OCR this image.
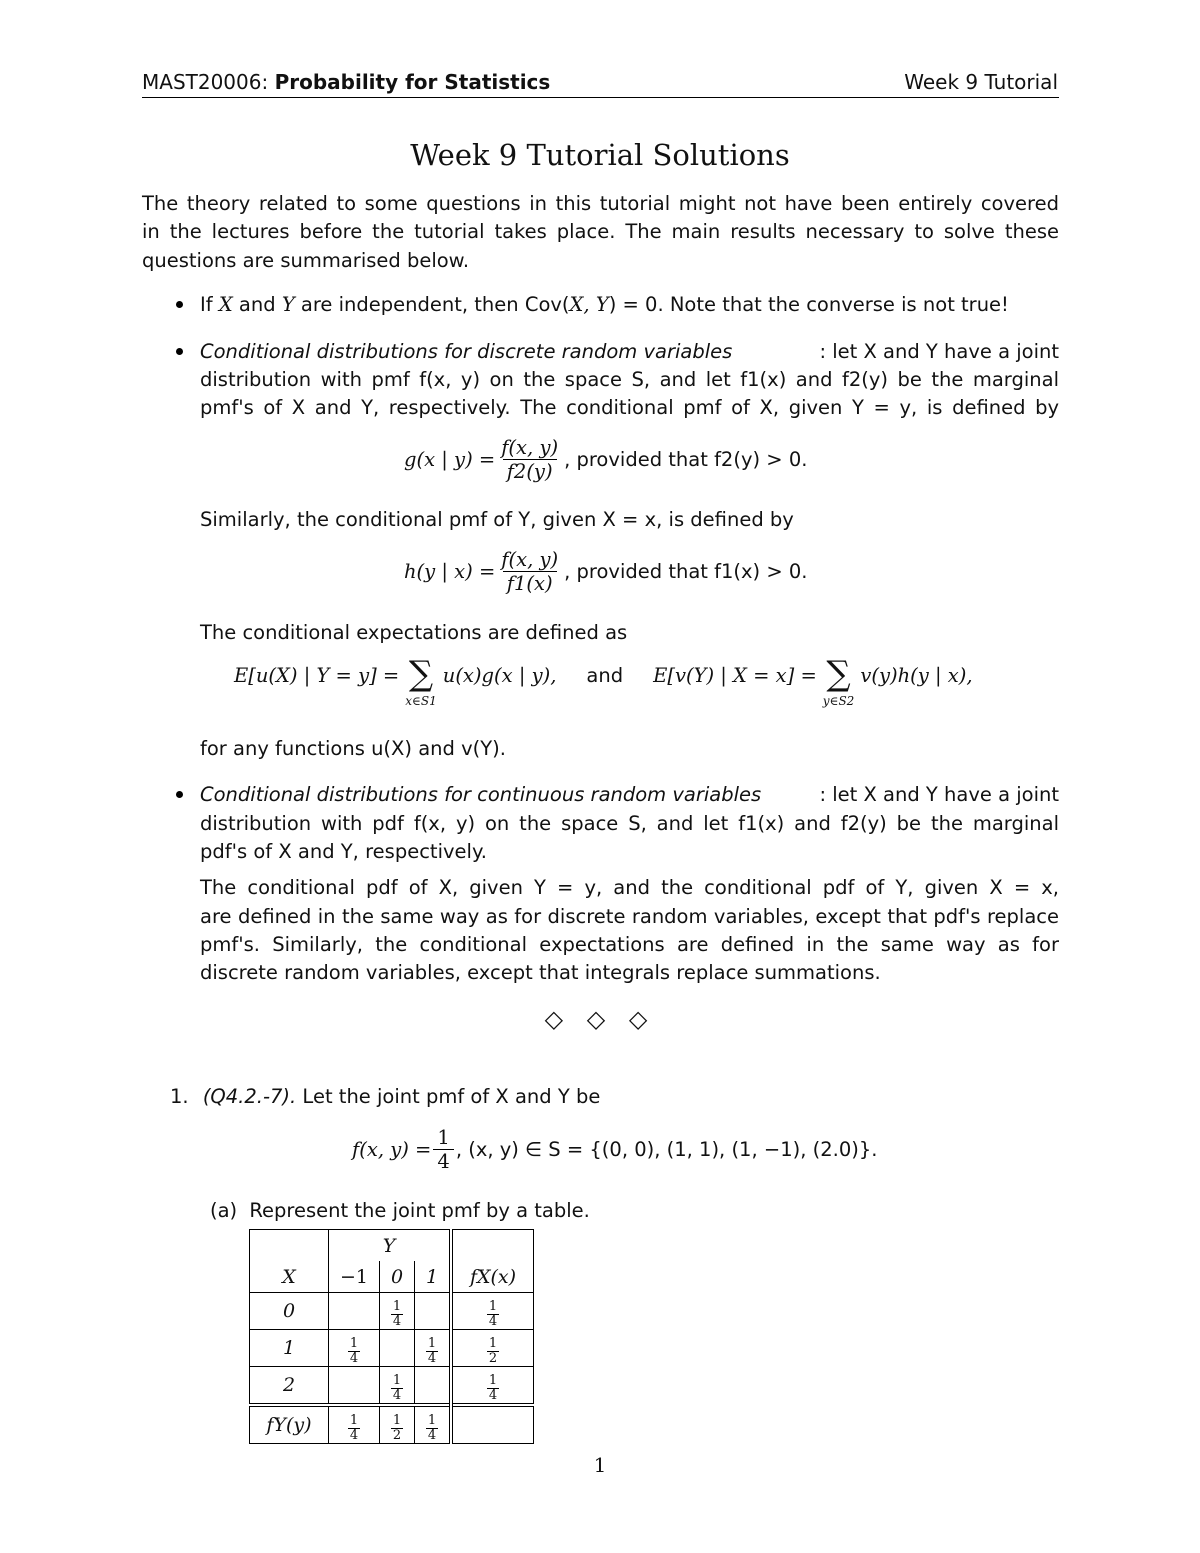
MAST20006: Probability for Statistics	Week 9 Tutorial
Week 9 Tutorial Solutions
The theory related to some questions in this tutorial might not have been entirely covered
in the lectures before the tutorial takes place. The main results necessary to solve these
questions are summarised below.
If X and Y are independent, then Cov(X, Y) = 0. Note that the converse is not true!
Conditional distributions for discrete random variables	: let X and Y have a joint
distribution with pmf f(x, y) on the space S, and let f1(x) and f2(y) be the marginal
pmf's of X and Y, respectively. The conditional pmf of X, given Y = y, is defined by
g(x | $y) = \frac{f(x, y)}{f2(y)}$ , provided that f2(y) > 0.
Similarly, the conditional pmf of Y, given X = x, is defined by
h(y | $x) = \frac{f(x, y)}{f1(x)}$ , provided that f1(x) > 0.
The conditional expectations are defined as
E[u(X) | Y = y] = ∑
x∈S1
u(x)g(x | y), and E[v(Y) | X = x] = ∑
y∈S2
v(y)h(y | x),
for any functions u(X) and v(Y).
Conditional distributions for continuous random variables	: let X and Y have a joint
distribution with pdf f(x, y) on the space S, and let f1(x) and f2(y) be the marginal
pdf's of X and Y, respectively.
The conditional pdf of X, given Y = y, and the conditional pdf of Y, given X = x,
are defined in the same way as for discrete random variables, except that pdf's replace
pmf's. Similarly, the conditional expectations are defined in the same way as for
discrete random variables, except that integrals replace summations.
◇ ◇ ◇
1. (Q4.2.-7). Let the joint pmf of X and Y be
f(x, $y) = \frac{1}{4}$ , (x, y) ∈ S = {(0, 0), (1, 1), (1, −1), (2.0)}.
(a) Represent the joint pmf by a table.
	Y			
X	−1	0	1	fX(x)
0		$\frac{1}{4}$		$\frac{1}{4}$

1	$\frac{1}{4}$		$\frac{1}{4}$	$\frac{1}{2}$

2		$\frac{1}{4}$		$\frac{1}{4}$

fY(y)	$\frac{1}{4}$	$\frac{1}{2}$	$\frac{1}{4}$

1
